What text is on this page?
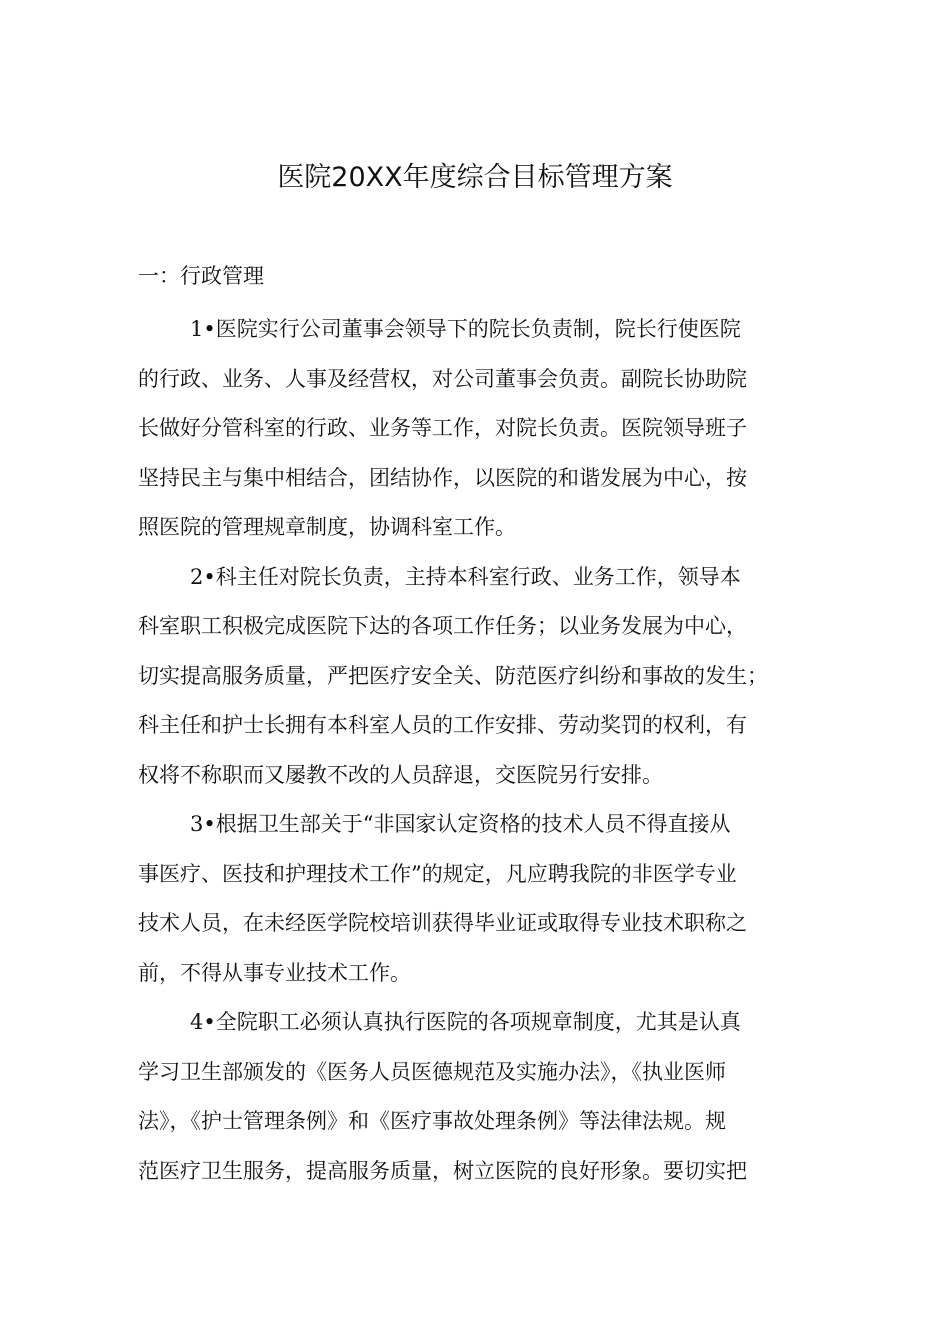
医院20XX年度综合目标管理方案
一：行政管理
1•医院实行公司董事会领导下的院长负责制，院长行使医院
的行政、业务、人事及经营权，对公司董事会负责。副院长协助院
长做好分管科室的行政、业务等工作，对院长负责。医院领导班子
坚持民主与集中相结合，团结协作，以医院的和谐发展为中心，按
照医院的管理规章制度，协调科室工作。
2•科主任对院长负责，主持本科室行政、业务工作，领导本
科室职工积极完成医院下达的各项工作任务；以业务发展为中心，
切实提高服务质量，严把医疗安全关、防范医疗纠纷和事故的发生；
科主任和护士长拥有本科室人员的工作安排、劳动奖罚的权利，有
权将不称职而又屡教不改的人员辞退，交医院另行安排。
3•根据卫生部关于“非国家认定资格的技术人员不得直接从
事医疗、医技和护理技术工作”的规定，凡应聘我院的非医学专业
技术人员，在未经医学院校培训获得毕业证或取得专业技术职称之
前，不得从事专业技术工作。
4•全院职工必须认真执行医院的各项规章制度，尤其是认真
学习卫生部颁发的《医务人员医德规范及实施办法》，《执业医师
法》，《护士管理条例》和《医疗事故处理条例》等法律法规。规
范医疗卫生服务，提高服务质量，树立医院的良好形象。要切实把
